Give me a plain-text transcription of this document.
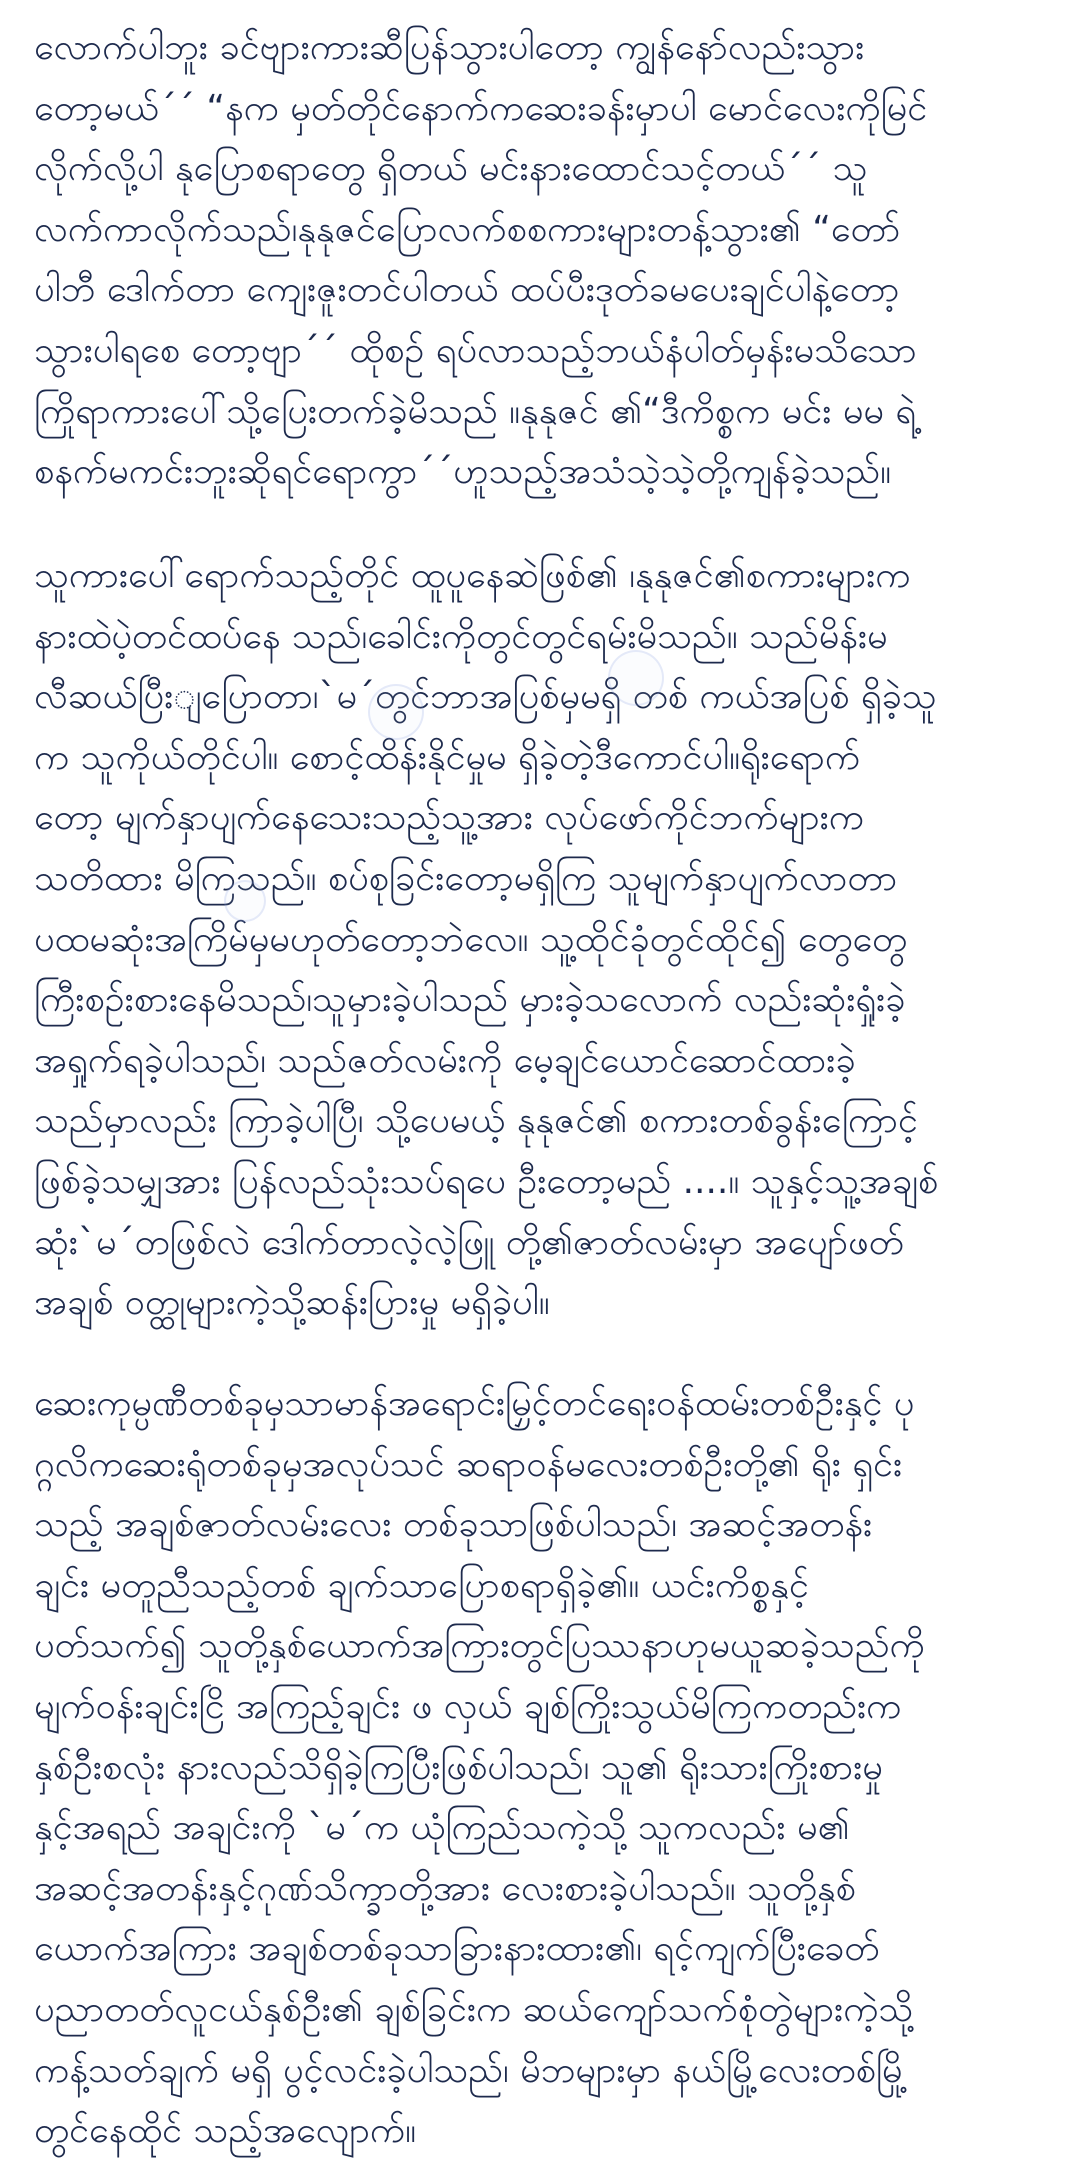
လောက်ပါဘူး ခင်ဗျားကားဆီပြန်သွားပါတော့ ကျွန်နော်လည်းသွား
တော့မယ်´´ “နက မှတ်တိုင်နောက်ကဆေးခန်းမှာပါ မောင်လေးကိုမြင်
လိုက်လို့ပါ နုပြောစရာတွေ ရှိတယ် မင်းနားထောင်သင့်တယ်´´ သူ
လက်ကာလိုက်သည်၊နုနုဇင်ပြောလက်စစကားများတန့်သွား၏ “တော်
ပါဘီ ဒေါက်တာ ကျေးဇူးတင်ပါတယ် ထပ်ပီးဒုတ်ခမပေးချင်ပါနဲ့တော့
သွားပါရစေ တော့ဗျာ´´ ထိုစဉ် ရပ်လာသည့်ဘယ်နံပါတ်မှန်းမသိသော
ကြိုရာကားပေါ်သို့ပြေးတက်ခဲ့မိသည် ။နုနုဇင် ၏“ဒီကိစ္စက မင်း မမ ရဲ့
စနက်မကင်းဘူးဆိုရင်ရောကွာ´´ဟူသည့်အသံသဲ့သဲ့တို့ကျန်ခဲ့သည်။
သူကားပေါ်ရောက်သည့်တိုင် ထူပူနေဆဲဖြစ်၏ ၊နုနုဇင်၏စကားများက
နားထဲပဲ့တင်ထပ်နေ သည်၊ခေါင်းကိုတွင်တွင်ရမ်းမိသည်။ သည်မိန်းမ
လီဆယ်ပြီးျပြောတာ၊`မ´တွင်ဘာအပြစ်မှမရှိ တစ် ကယ်အပြစ် ရှိခဲ့သူ
က သူကိုယ်တိုင်ပါ။ စောင့်ထိန်းနိုင်မှုမ ရှိခဲ့တဲ့ဒီကောင်ပါ။ရိုးရောက်
တော့ မျက်နှာပျက်နေသေးသည့်သူ့အား လုပ်ဖော်ကိုင်ဘက်များက
သတိထား မိကြသည်။ စပ်စုခြင်းတော့မရှိကြ သူမျက်နှာပျက်လာတာ
ပထမဆုံးအကြိမ်မှမဟုတ်တော့ဘဲလေ။ သူ့ထိုင်ခုံတွင်ထိုင်၍ တွေတွေ
ကြီးစဉ်းစားနေမိသည်၊သူမှားခဲ့ပါသည် မှားခဲ့သလောက် လည်းဆုံးရှုံးခဲ့
အရှုက်ရခဲ့ပါသည်၊ သည်ဇတ်လမ်းကို မေ့ချင်ယောင်ဆောင်ထားခဲ့
သည်မှာလည်း ကြာခဲ့ပါပြီ၊ သို့ပေမယ့် နုနုဇင်၏ စကားတစ်ခွန်းကြောင့်
ဖြစ်ခဲ့သမျှအား ပြန်လည်သုံးသပ်ရပေ ဦးတော့မည် ....။ သူနှင့်သူ့အချစ်
ဆုံး`မ´တဖြစ်လဲ ဒေါက်တာလဲ့လဲ့ဖြူ တို့၏ဇာတ်လမ်းမှာ အပျော်ဖတ်
အချစ် ဝတ္ထုများကဲ့သို့ဆန်းပြားမှု မရှိခဲ့ပါ။
ဆေးကုမ္ပဏီတစ်ခုမှသာမာန်အရောင်းမြှင့်တင်ရေးဝန်ထမ်းတစ်ဦးနှင့် ပု
ဂ္ဂလိကဆေးရုံတစ်ခုမှအလုပ်သင် ဆရာဝန်မလေးတစ်ဦးတို့၏ ရိုး ရှင်း
သည့် အချစ်ဇာတ်လမ်းလေး တစ်ခုသာဖြစ်ပါသည်၊ အဆင့်အတန်း
ချင်း မတူညီသည့်တစ် ချက်သာပြောစရာရှိခဲ့၏။ ယင်းကိစ္စနှင့်
ပတ်သက်၍ သူတို့နှစ်ယောက်အကြားတွင်ပြဿနာဟုမယူဆခဲ့သည်ကို
မျက်ဝန်းချင်းငြိ အကြည့်ချင်း ဖ လှယ် ချစ်ကြိုးသွယ်မိကြကတည်းက
နှစ်ဦးစလုံး နားလည်သိရှိခဲ့ကြပြီးဖြစ်ပါသည်၊ သူ၏ ရိုးသားကြိုးစားမှု
နှင့်အရည် အချင်းကို `မ´က ယုံကြည်သကဲ့သို့ သူကလည်း မ၏
အဆင့်အတန်းနှင့်ဂုဏ်သိက္ခာတို့အား လေးစားခဲ့ပါသည်။ သူတို့နှစ်
ယောက်အကြား အချစ်တစ်ခုသာခြားနားထား၏၊ ရင့်ကျက်ပြီးခေတ်
ပညာတတ်လူငယ်နှစ်ဦး၏ ချစ်ခြင်းက ဆယ်ကျော်သက်စုံတွဲများကဲ့သို့
ကန့်သတ်ချက် မရှိ ပွင့်လင်းခဲ့ပါသည်၊ မိဘများမှာ နယ်မြို့လေးတစ်မြို့
တွင်နေထိုင် သည့်အလျောက်။
